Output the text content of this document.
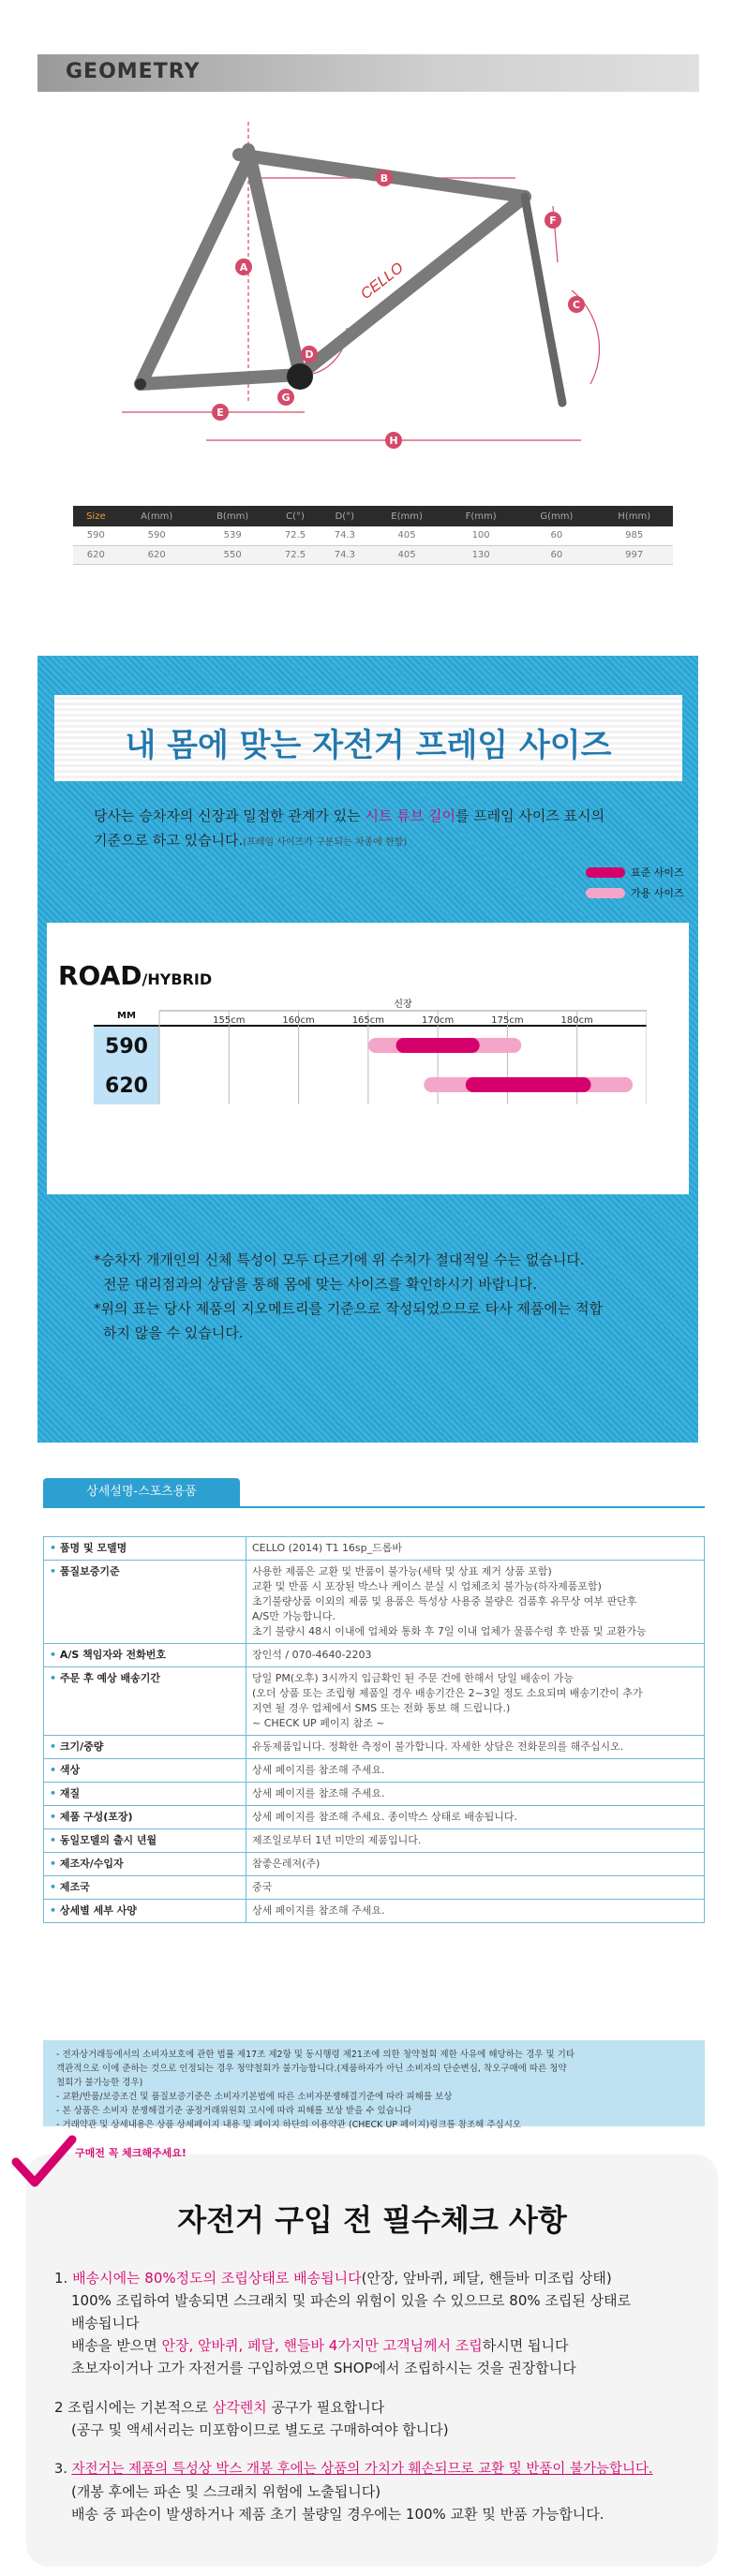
GEOMETRY
CELLO
A
B
C
D
E
F
G
H
Size	A(mm)	B(mm)	C(°)	D(°)	E(mm)	F(mm)	G(mm)	H(mm)
590	590	539	72.5	74.3	405	100	60	985
620	620	550	72.5	74.3	405	130	60	997
내 몸에 맞는 자전거 프레임 사이즈
당사는 승차자의 신장과 밀접한 관계가 있는 시트 튜브 길이를 프레임 사이즈 표시의
기준으로 하고 있습니다.(프레임 사이즈가 구분되는 차종에 한함)
표준 사이즈
가용 사이즈
ROAD/HYBRID
MM
신장
155cm	160cm	165cm	170cm	175cm	180cm
590
620
*승차자 개개인의 신체 특성이 모두 다르기에 위 수치가 절대적일 수는 없습니다.
전문 대리점과의 상담을 통해 몸에 맞는 사이즈를 확인하시기 바랍니다.
*위의 표는 당사 제품의 지오메트리를 기준으로 작성되었으므로 타사 제품에는 적합
하지 않을 수 있습니다.
상세설명-스포츠용품
• 품명 및 모델명	CELLO (2014) T1 16sp_드롭바
• 품질보증기준	사용한 제품은 교환 및 반품이 불가능(세탁 및 상표 제거 상품 포함)
교환 및 반품 시 포장된 박스나 케이스 분실 시 업체조치 불가능(하자제품포함)
초기불량상품 이외의 제품 및 용품은 특성상 사용중 불량은 검품후 유무상 여부 판단후
A/S만 가능합니다.
초기 불량시 48시 이내에 업체와 통화 후 7일 이내 업체가 물품수령 후 반품 및 교환가능
• A/S 책임자와 전화번호	장인석 / 070-4640-2203
• 주문 후 예상 배송기간	당일 PM(오후) 3시까지 입금확인 된 주문 건에 한해서 당일 배송이 가능
(오더 상품 또는 조립형 제품일 경우 배송기간은 2~3일 정도 소요되며 배송기간이 추가
지연 될 경우 업체에서 SMS 또는 전화 통보 해 드립니다.)
~ CHECK UP 페이지 참조 ~
• 크기/중량	유동제품입니다. 정확한 측정이 불가합니다. 자세한 상담은 전화문의를 해주십시오.
• 색상	상세 페이지를 참조해 주세요.
• 재질	상세 페이지를 참조해 주세요.
• 제품 구성(포장)	상세 페이지를 참조해 주세요. 종이박스 상태로 배송됩니다.
• 동일모델의 출시 년월	제조일로부터 1년 미만의 제품입니다.
• 제조자/수입자	참좋은레져(주)
• 제조국	중국
• 상세별 세부 사양	상세 페이지를 참조해 주세요.
- 전자상거래등에서의 소비자보호에 관한 법률 제17조 제2항 및 동시행령 제21조에 의한 청약철회 제한 사유에 해당하는 경우 및 기타
객관적으로 이에 준하는 것으로 인정되는 경우 청약철회가 불가능합니다.(제품하자가 아닌 소비자의 단순변심, 착오구매에 따른 청약
철회가 불가능한 경우)
- 교환/반품/보증조건 및 품질보증기준은 소비자기본법에 따른 소비자분쟁해결기준에 따라 피해를 보상
- 본 상품은 소비자 분쟁해결기준 공정거래위원회 고시에 따라 피해를 보상 받을 수 있습니다
- 거래약관 및 상세내용은 상품 상세페이지 내용 및 페이지 하단의 이용약관 (CHECK UP 페이지)링크를 참조해 주십시오
구매전 꼭 체크해주세요!
자전거 구입 전 필수체크 사항
1. 배송시에는 80%정도의 조립상태로 배송됩니다(안장, 앞바퀴, 페달, 핸들바 미조립 상태)
100% 조립하여 발송되면 스크래치 및 파손의 위험이 있을 수 있으므로 80% 조립된 상태로
배송됩니다
배송을 받으면 안장, 앞바퀴, 페달, 핸들바 4가지만 고객님께서 조립하시면 됩니다
초보자이거나 고가 자전거를 구입하였으면 SHOP에서 조립하시는 것을 권장합니다
2 조립시에는 기본적으로 삼각렌치 공구가 필요합니다
(공구 및 액세서리는 미포함이므로 별도로 구매하여야 합니다)
3. 자전거는 제품의 특성상 박스 개봉 후에는 상품의 가치가 훼손되므로 교환 및 반품이 불가능합니다.
(개봉 후에는 파손 및 스크래치 위험에 노출됩니다)
배송 중 파손이 발생하거나 제품 초기 불량일 경우에는 100% 교환 및 반품 가능합니다.
